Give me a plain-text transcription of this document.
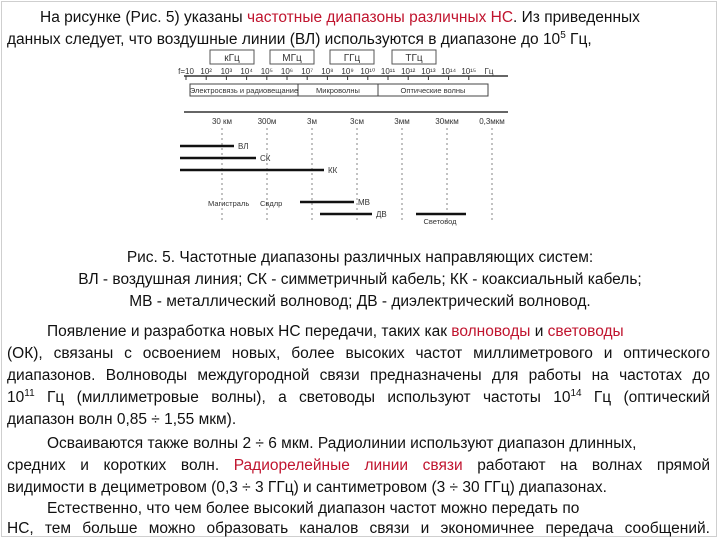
На рисунке (Рис. 5) указаны частотные диапазоны различных НС. Из приведенных
данных следует, что воздушные линии (ВЛ) используются в диапазоне до $10^5$ Гц,
кГц	МГц	ГГц	ТГц
f=10 10² 10³ 10⁴ 10⁵ 10⁶ 10⁷ 10⁸ 10⁹ 10¹⁰ 10¹¹ 10¹² 10¹³ 10¹⁴ 10¹⁵ Гц
Электросвязь и радиовещание Микроволны	Оптические волны
30 км	300м	3м	3см	3мм	30мкм	0,3мкм
ВЛ
СК
КК
МВ
ДВ
Магистраль Свдлр
Световод
Рис. 5. Частотные диапазоны различных направляющих систем:
ВЛ - воздушная линия; СК - симметричный кабель; КК - коаксиальный кабель;
МВ - металлический волновод; ДВ - диэлектрический волновод.
Появление и разработка новых НС передачи, таких как волноводы и световоды
(ОК), связаны с освоением новых, более высоких частот миллиметрового и оптического
диапазонов. Волноводы междугородной связи предназначены для работы на частотах до
$10^{11}$ Гц (миллиметровые волны), а световоды используют частоты $10^{14}$ Гц (оптический
диапазон волн 0,85 ÷ 1,55 мкм).
Осваиваются также волны 2 ÷ 6 мкм. Радиолинии используют диапазон длинных,
средних и коротких волн. Радиорелейные линии связи работают на волнах прямой
видимости в дециметровом (0,3 ÷ 3 ГГц) и сантиметровом (3 ÷ 30 ГГц) диапазонах.
Естественно, что чем более высокий диапазон частот можно передать по
НС, тем больше можно образовать каналов связи и экономичнее передача сообщений.
